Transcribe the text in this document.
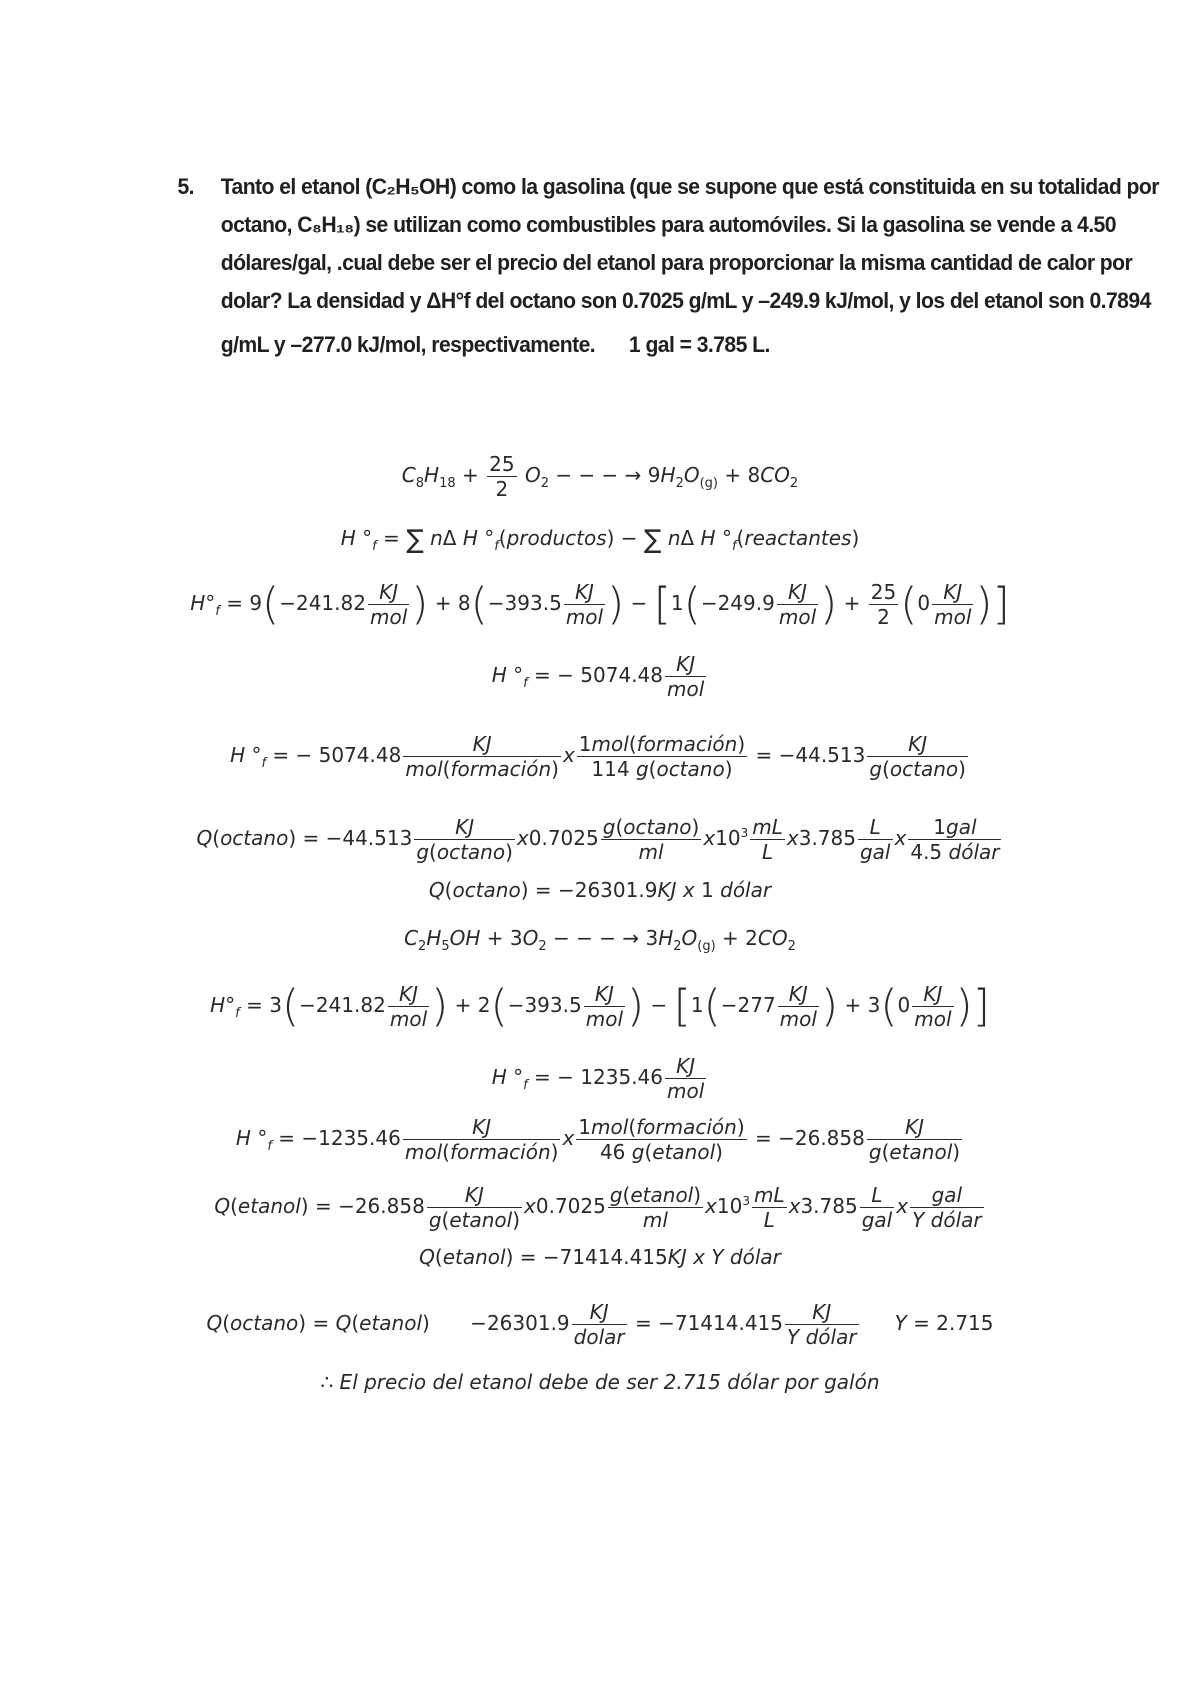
5. Tanto el etanol (C₂H₅OH) como la gasolina (que se supone que está constituida en su totalidad por
octano, C₈H₁₈) se utilizan como combustibles para automóviles. Si la gasolina se vende a 4.50
dólares/gal, .cual debe ser el precio del etanol para proporcionar la misma cantidad de calor por
dolar? La densidad y ΔH°f del octano son 0.7025 g/mL y –249.9 kJ/mol, y los del etanol son 0.7894
g/mL y –277.0 kJ/mol, respectivamente. 1 gal = 3.785 L.
$C_8H_{18} + \frac{25}{2} O_2$ − − − → $9H_2O_{(g)} + 8CO_2$
H $^\circ_f$ = ∑ nΔ H $^\circ_f(productos)$ − ∑ nΔ H $^\circ_f(reactantes)$
$H^\circ_f = 9(-241.82 \frac{KJ}{\text{mol}}$ ) + $8(-393.5 \frac{KJ}{\text{mol}}$ ) − [$1(-249.9 \frac{KJ}{\text{mol}}$ ) + $\frac{25}{2} (0 \frac{KJ}{\text{mol}}$ )]
H $^\circ_f$ = − $5074.48 \frac{KJ}{\text{mol}}$
H $^\circ_f$ = − $5074.48 \frac{KJ}{\text{mol(formación)}}$ x $\frac{\text{1mol(formación)}}{114 g(octano)} = -44.513 \frac{KJ}{g(octano)}$
$Q(octano) = -44.513 \frac{KJ}{g(octano)} x0.7025 \frac{g(octano)}{ml} x10^3 \frac{mL}{L} x3.785 \frac{L}{\text{gal}}$ x $\frac{\text{1gal}}{\text{4.5 dólar}}$
Q(octano) = −26301.9KJ x 1 dólar
$C_2H_5OH + 3O_2$ − − − → $3H_2O_{(g)} + 2CO_2$
$H^\circ_f = 3(-241.82 \frac{KJ}{\text{mol}}$ ) + $2(-393.5 \frac{KJ}{\text{mol}}$ ) − [$1(-277 \frac{KJ}{\text{mol}}$ ) + $3(0 \frac{KJ}{\text{mol}}$ )]
H $^\circ_f$ = − $1235.46 \frac{KJ}{\text{mol}}$
H $^\circ_f = -1235.46 \frac{KJ}{\text{mol(formación)}}$ x $\frac{\text{1mol(formación)}}{\text{46 g(etanol)}} = -26.858 \frac{KJ}{\text{g(etanol)}}$
Q(etanol) = $-26.858 \frac{KJ}{\text{g(etanol)}} x0.7025 \frac{\text{g(etanol)}}{ml} x10^3 \frac{mL}{L} x3.785 \frac{L}{\text{gal}}$ x $\frac{\text{gal}}{\text{Y dólar}}$
Q(etanol) = −71414.415KJ x Y dólar
Q(octano) = Q(etanol) $-26301.9 \frac{KJ}{\text{dolar}} = -71414.415 \frac{KJ}{\text{Y dólar}}$ Y = 2.715
∴ El precio del etanol debe de ser 2.715 dólar por galón
